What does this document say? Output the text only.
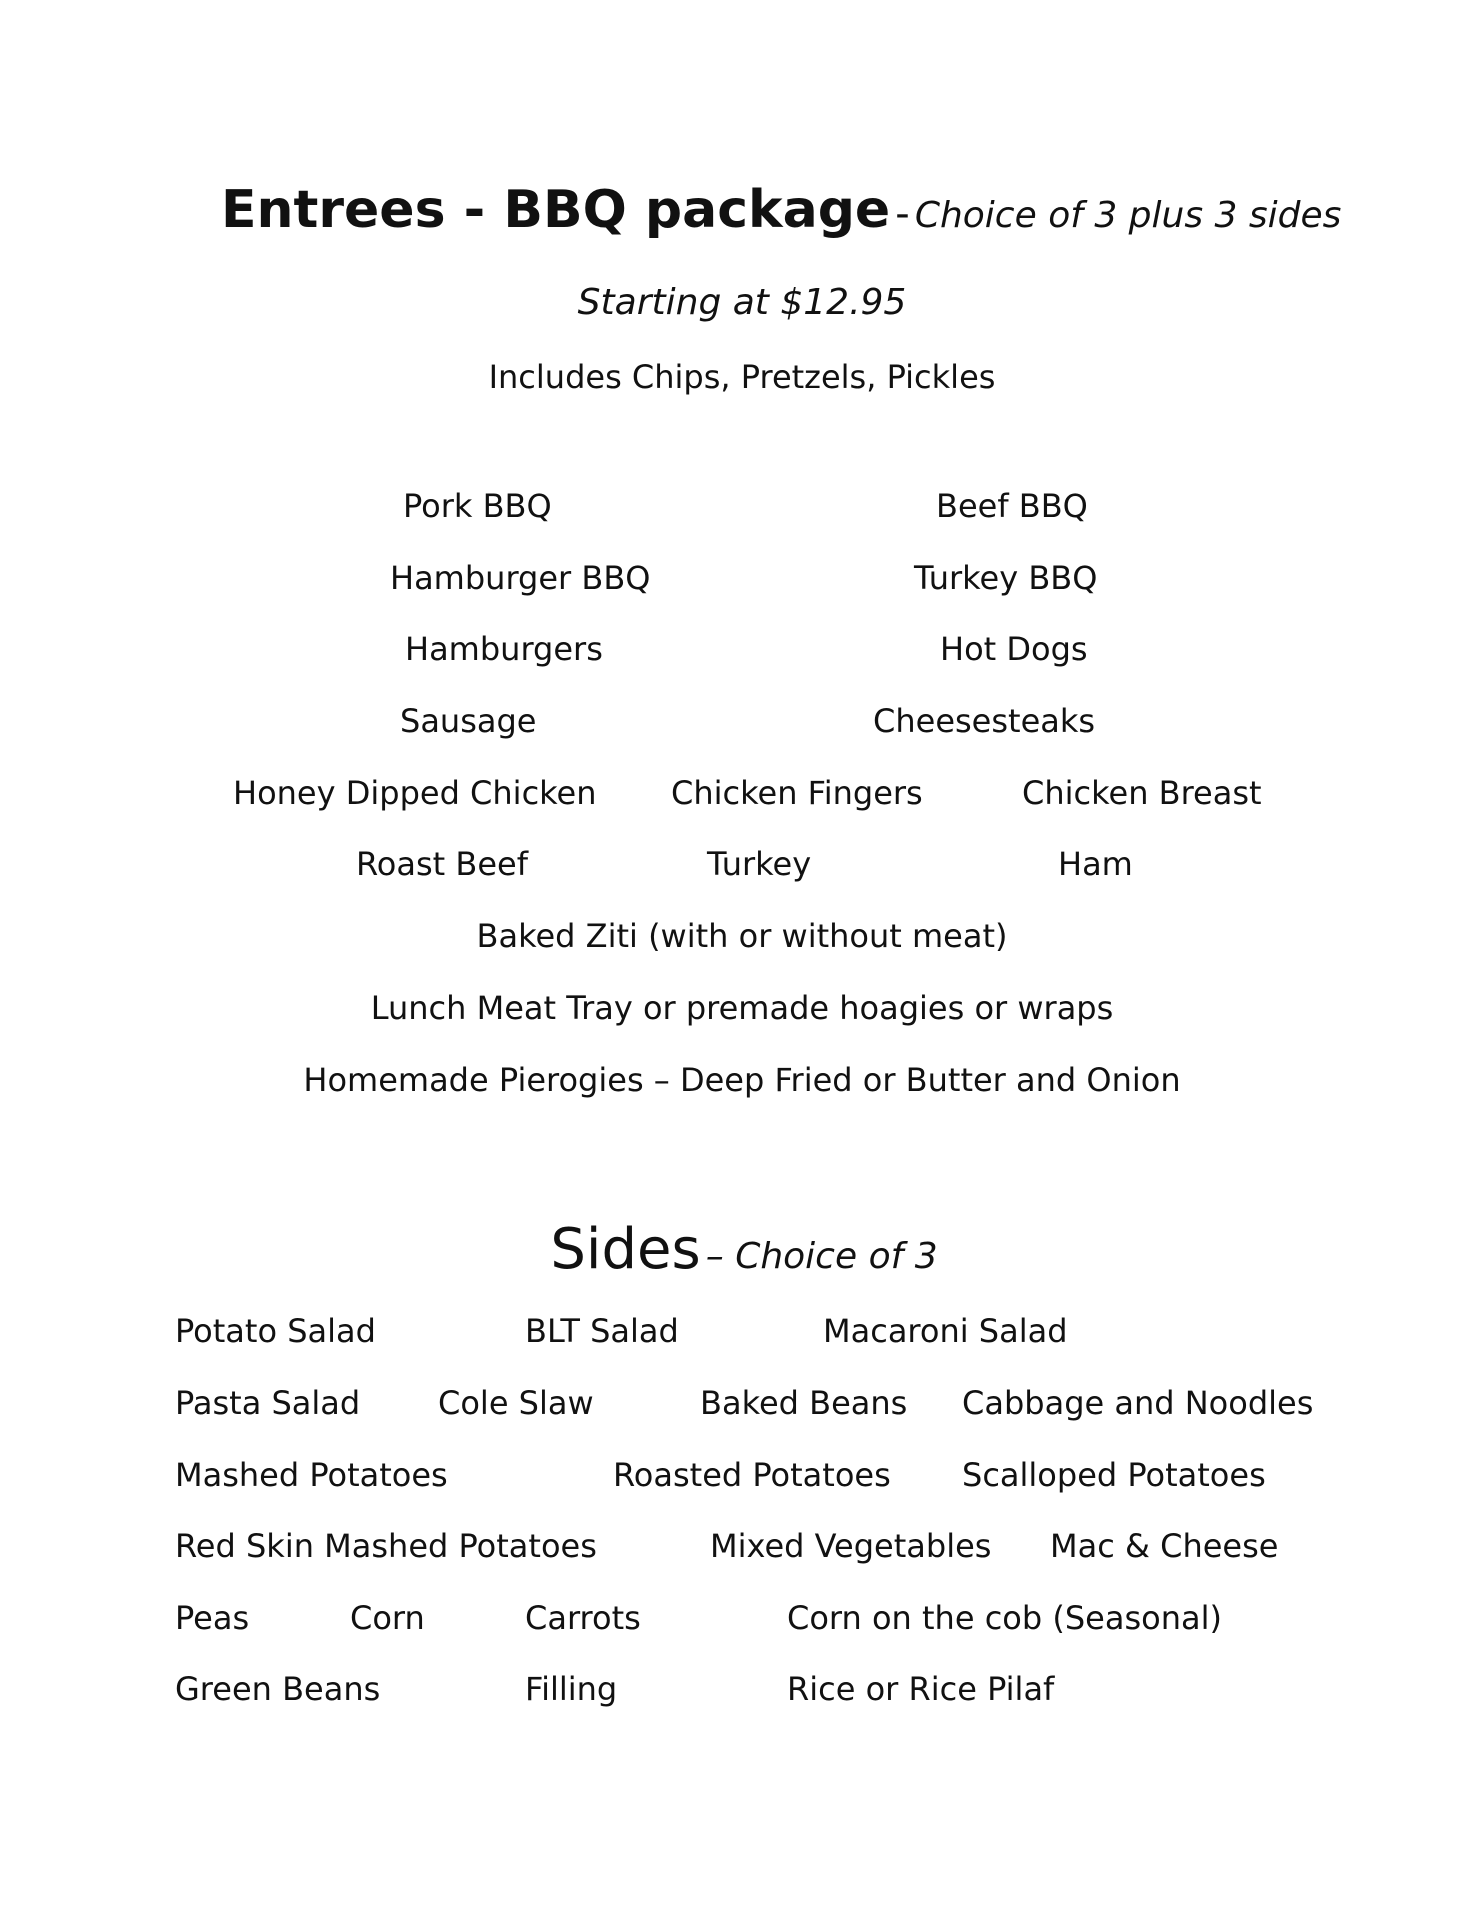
Entrees - BBQ package - Choice of 3 plus 3 sides
Starting at $12.95
Includes Chips, Pretzels, Pickles
Pork BBQ	Beef BBQ
Hamburger BBQ	Turkey BBQ
Hamburgers	Hot Dogs
Sausage	Cheesesteaks
Honey Dipped Chicken Chicken Fingers	Chicken Breast
Roast Beef	Turkey	Ham
Baked Ziti (with or without meat)
Lunch Meat Tray or premade hoagies or wraps
Homemade Pierogies – Deep Fried or Butter and Onion
Sides – Choice of 3
Potato Salad	BLT Salad	Macaroni Salad
Pasta Salad Cole Slaw	Baked Beans Cabbage and Noodles
Mashed Potatoes	Roasted Potatoes Scalloped Potatoes
Red Skin Mashed Potatoes	Mixed Vegetables Mac & Cheese
Peas	Corn	Carrots	Corn on the cob (Seasonal)
Green Beans	Filling	Rice or Rice Pilaf
